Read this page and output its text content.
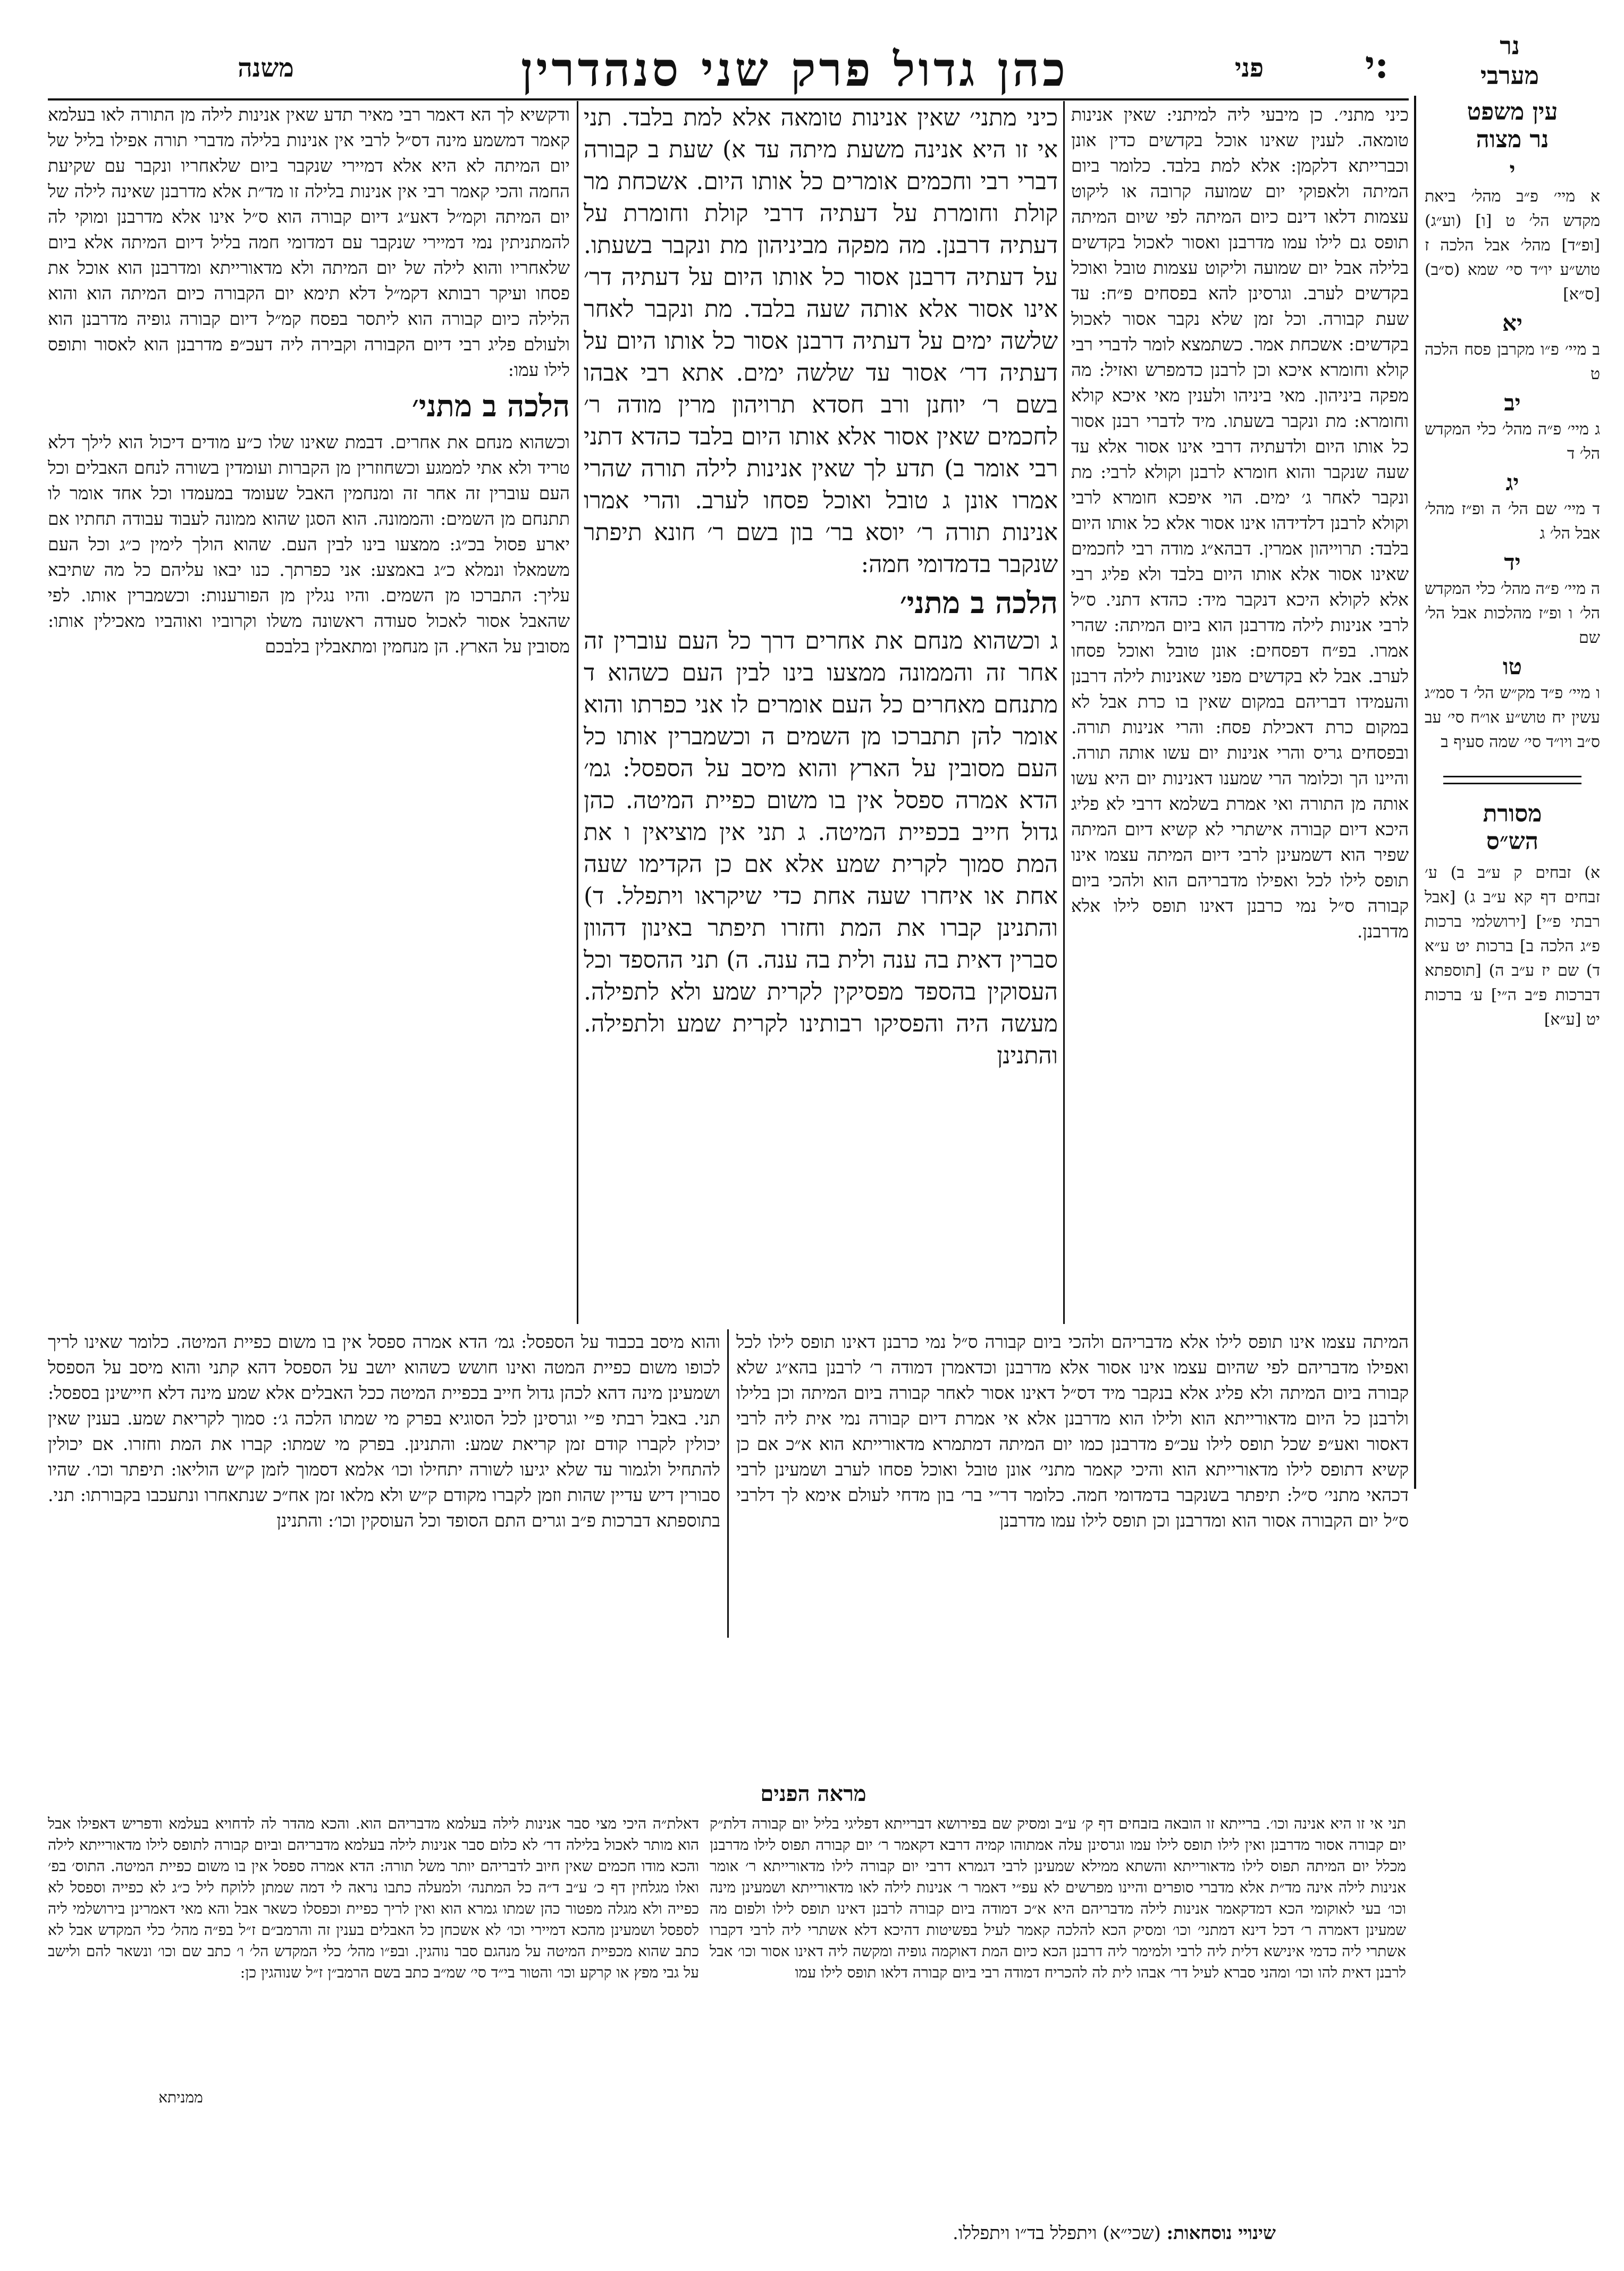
נר
מערבי
י:
פני
כהן גדול פרק שני סנהדרין
משנה
עין משפט
נר מצוה
י
א מיי׳ פ״ב מהל׳ ביאת מקדש הל׳ ט [ו] (וע״ג) [ופ״ד] מהל׳ אבל הלכה ז טוש״ע יו״ד סי׳ שמא (ס״ב) [ס״א]
יא
ב מיי׳ פ״ו מקרבן פסח הלכה ט
יב
ג מיי׳ פ״ה מהל׳ כלי המקדש הל׳ ד
יג
ד מיי׳ שם הל׳ ה ופ״ז מהל׳ אבל הל׳ ג
יד
ה מיי׳ פ״ה מהל׳ כלי המקדש הל׳ ו ופ״ז מהלכות אבל הל׳ שם
טו
ו מיי׳ פ״ד מק״ש הל׳ ד סמ״ג עשין יח טוש״ע או״ח סי׳ עב ס״ב ויו״ד סי׳ שמה סעיף ב
מסורת
הש״ס
א) זבחים ק ע״ב ב) ע׳ זבחים דף קא ע״ב ג) [אבל רבתי פ״י] [ירושלמי ברכות פ״ג הלכה ב] ברכות יט ע״א ד) שם יז ע״ב ה) [תוספתא דברכות פ״ב ה״י] ע׳ ברכות יט [ע״א]
כיני מתני׳. כן מיבעי ליה למיתני: שאין אנינות טומאה. לענין שאינו אוכל בקדשים כדין אונן וכברייתא דלקמן: אלא למת בלבד. כלומר ביום המיתה ולאפוקי יום שמועה קרובה או ליקוט עצמות דלאו דינם כיום המיתה לפי שיום המיתה תופס גם לילו עמו מדרבנן ואסור לאכול בקדשים בלילה אבל יום שמועה וליקוט עצמות טובל ואוכל בקדשים לערב. וגרסינן להא בפסחים פ״ח: עד שעת קבורה. וכל זמן שלא נקבר אסור לאכול בקדשים: אשכחת אמר. כשתמצא לומר לדברי רבי קולא וחומרא איכא וכן לרבנן כדמפרש ואזיל: מה מפקה ביניהון. מאי ביניהו ולענין מאי איכא קולא וחומרא: מת ונקבר בשעתו. מיד לדברי רבנן אסור כל אותו היום ולדעתיה דרבי אינו אסור אלא עד שעה שנקבר והוא חומרא לרבנן וקולא לרבי: מת ונקבר לאחר ג׳ ימים. הוי איפכא חומרא לרבי וקולא לרבנן דלדידהו אינו אסור אלא כל אותו היום בלבד: תרוייהון אמרין. דבהא״ג מודה רבי לחכמים שאינו אסור אלא אותו היום בלבד ולא פליג רבי אלא לקולא היכא דנקבר מיד: כהדא דתני. ס״ל לרבי אנינות לילה מדרבנן הוא ביום המיתה: שהרי אמרו. בפ״ח דפסחים: אונן טובל ואוכל פסחו לערב. אבל לא בקדשים מפני שאנינות לילה דרבנן והעמידו דבריהם במקום שאין בו כרת אבל לא במקום כרת דאכילת פסח: והרי אנינות תורה. ובפסחים גריס והרי אנינות יום עשו אותה תורה. והיינו הך וכלומר הרי שמענו דאנינות יום היא עשו אותה מן התורה ואי אמרת בשלמא דרבי לא פליג היכא דיום קבורה אישתרי לא קשיא דיום המיתה שפיר הוא דשמעינן לרבי דיום המיתה עצמו אינו תופס לילו לכל ואפילו מדבריהם הוא ולהכי ביום קבורה ס״ל נמי כרבנן דאינו תופס לילו אלא מדרבנן.

כיני מתני׳ שאין אנינות טומאה אלא למת בלבד. תני אי זו היא אנינה משעת מיתה עד א) שעת ב קבורה דברי רבי וחכמים אומרים כל אותו היום. אשכחת מר קולת וחומרת על דעתיה דרבי קולת וחומרת על דעתיה דרבנן. מה מפקה מביניהון מת ונקבר בשעתו. על דעתיה דרבנן אסור כל אותו היום על דעתיה דר׳ אינו אסור אלא אותה שעה בלבד. מת ונקבר לאחר שלשה ימים על דעתיה דרבנן אסור כל אותו היום על דעתיה דר׳ אסור עד שלשה ימים. אתא רבי אבהו בשם ר׳ יוחנן ורב חסדא תרויהון מרין מודה ר׳ לחכמים שאין אסור אלא אותו היום בלבד כהדא דתני רבי אומר ב) תדע לך שאין אנינות לילה תורה שהרי אמרו אונן ג טובל ואוכל פסחו לערב. והרי אמרו אנינות תורה ר׳ יוסא בר׳ בון בשם ר׳ חונא תיפתר שנקבר בדמדומי חמה:

הלכה ב מתני׳

ג וכשהוא מנחם את אחרים דרך כל העם עוברין זה אחר זה והממונה ממצעו בינו לבין העם כשהוא ד מתנחם מאחרים כל העם אומרים לו אני כפרתו והוא אומר להן תתברכו מן השמים ה וכשמברין אותו כל העם מסובין על הארץ והוא מיסב על הספסל: גמ׳ הדא אמרה ספסל אין בו משום כפיית המיטה. כהן גדול חייב בכפיית המיטה. ג תני אין מוציאין ו את המת סמוך לקרית שמע אלא אם כן הקדימו שעה אחת או איחרו שעה אחת כדי שיקראו ויתפלל. ד) והתנינן קברו את המת וחזרו תיפתר באינון דהוון סברין דאית בה ענה ולית בה ענה. ה) תני ההספד וכל העסוקין בהספד מפסיקין לקרית שמע ולא לתפילה. מעשה היה והפסיקו רבותינו לקרית שמע ולתפילה. והתנינן

ודקשיא לך הא דאמר רבי מאיר תדע שאין אנינות לילה מן התורה לאו בעלמא קאמר דמשמע מינה דס״ל לרבי אין אנינות בלילה מדברי תורה אפילו בליל של יום המיתה לא היא אלא דמיירי שנקבר ביום שלאחריו ונקבר עם שקיעת החמה והכי קאמר רבי אין אנינות בלילה זו מד״ת אלא מדרבנן שאינה לילה של יום המיתה וקמ״ל דאע״ג דיום קבורה הוא ס״ל אינו אלא מדרבנן ומוקי לה להמתניתין נמי דמיירי שנקבר עם דמדומי חמה בליל דיום המיתה אלא ביום שלאחריו והוא לילה של יום המיתה ולא מדאורייתא ומדרבנן הוא אוכל את פסחו ועיקר רבותא דקמ״ל דלא תימא יום הקבורה כיום המיתה הוא והוא הלילה כיום קבורה הוא ליתסר בפסח קמ״ל דיום קבורה גופיה מדרבנן הוא ולעולם פליג רבי דיום הקבורה וקבירה ליה דעכ״פ מדרבנן הוא לאסור ותופס לילו עמו:

הלכה ב מתני׳

וכשהוא מנחם את אחרים. דבמת שאינו שלו כ״ע מודים דיכול הוא לילך דלא טריד ולא אתי לממגע וכשחוזרין מן הקברות ועומדין בשורה לנחם האבלים וכל העם עוברין זה אחר זה ומנחמין האבל שעומד במעמדו וכל אחד אומר לו תתנחם מן השמים: והממונה. הוא הסגן שהוא ממונה לעבוד עבודה תחתיו אם יארע פסול בכ״ג: ממצעו בינו לבין העם. שהוא הולך לימין כ״ג וכל העם משמאלו ונמלא כ״ג באמצע: אני כפרתך. כנו יבאו עליהם כל מה שתיבא עליך: התברכו מן השמים. והיו נגלין מן הפורענות: וכשמברין אותו. לפי שהאבל אסור לאכול סעודה ראשונה משלו וקרוביו ואוהביו מאכילין אותו: מסובין על הארץ. הן מנחמין ומתאבלין בלבכם

המיתה עצמו אינו תופס לילו אלא מדבריהם ולהכי ביום קבורה ס״ל נמי כרבנן דאינו תופס לילו לכל ואפילו מדבריהם לפי שהיום עצמו אינו אסור אלא מדרבנן וכדאמרן דמודה ר׳ לרבנן בהא״ג שלא קבורה ביום המיתה ולא פליג אלא בנקבר מיד דס״ל דאינו אסור לאחר קבורה ביום המיתה וכן בלילו ולרבנן כל היום מדאורייתא הוא ולילו הוא מדרבנן אלא אי אמרת דיום קבורה נמי אית ליה לרבי דאסור ואע״פ שכל תופס לילו עכ״פ מדרבנן כמו יום המיתה דמתמרא מדאורייתא הוא א״כ אם כן קשיא דתופס לילו מדאורייתא הוא והיכי קאמר מתני׳ אונן טובל ואוכל פסחו לערב ושמעינן לרבי דכהאי מתני׳ ס״ל: תיפתר בשנקבר בדמדומי חמה. כלומר דר״י בר׳ בון מדחי לעולם אימא לך דלרבי ס״ל יום הקבורה אסור הוא ומדרבנן וכן תופס לילו עמו מדרבנן
והוא מיסב בכבוד על הספסל: גמ׳ הדא אמרה ספסל אין בו משום כפיית המיטה. כלומר שאינו לריך לכופו משום כפיית המטה ואינו חושש כשהוא יושב על הספסל דהא קתני והוא מיסב על הספסל ושמעינן מינה דהא לכהן גדול חייב בכפיית המיטה ככל האבלים אלא שמע מינה דלא חיישינן בספסל: תני. באבל רבתי פ״י וגרסינן לכל הסוגיא בפרק מי שמתו הלכה ג׳: סמוך לקריאת שמע. בענין שאין יכולין לקברו קודם זמן קריאת שמע: והתנינן. בפרק מי שמתו: קברו את המת וחזרו. אם יכולין להתחיל ולגמור עד שלא יגיעו לשורה יתחילו וכו׳ אלמא דסמוך לזמן ק״ש הוליאו: תיפתר וכו׳. שהיו סבורין דיש עדיין שהות וזמן לקברו מקודם ק״ש ולא מלאו זמן אח״כ שנתאחרו ונתעכבו בקבורתו: תני. בתוספתא דברכות פ״ב וגרים התם הסופד וכל העוסקין וכו׳: והתנינן
מראה הפנים
תני אי זו היא אנינה וכו׳. ברייתא זו הובאה בזבחים דף ק׳ ע״ב ומסיק שם בפירושא דברייתא דפליגי בליל יום קבורה דלת״ק יום קבורה אסור מדרבנן ואין לילו תופס לילו עמו וגרסינן עלה אמתוהו קמיה דרבא דקאמר ר׳ יום קבורה תפוס לילו מדרבנן מכלל יום המיתה תפוס לילו מדאורייתא והשתא ממילא שמעינן לרבי דגמרא דרבי יום קבורה לילו מדאורייתא ר׳ אומר אנינות לילה אינה מד״ת אלא מדברי סופרים והיינו מפרשים לא עפ״י דאמר ר׳ אנינות לילה לאו מדאורייתא ושמעינן מינה וכו׳ בעי לאוקומי הכא דמדקאמר אנינות לילה מדבריהם היא א״כ דמודה ביום קבורה לרבנן דאינו תופס לילו ולפום מה שמעינן דאמרה ר׳ דכל דינא דמתני׳ וכו׳ ומסיק הכא להלכה קאמר לעיל בפשיטות דהיכא דלא אשתרי ליה לרבי דקברו אשתרי ליה כדמי אינישא דלית ליה לרבי ולמימר ליה דרבנן הכא כיום המת דאוקמה גופיה ומקשה ליה דאינו אסור וכו׳ אבל לרבנן דאית להו וכו׳ ומהני סברא לעיל דר׳ אבהו לית לה להכריח דמודה רבי ביום קבורה דלאו תופס לילו עמו
דאלת״ה היכי מצי סבר אנינות לילה בעלמא מדבריהם הוא. והכא מהדר לה לדחויא בעלמא ודפריש דאפילו אבל הוא מותר לאכול בלילה דר׳ לא כלום סבר אנינות לילה בעלמא מדבריהם וביום קבורה לתופס לילו מדאורייתא לילה והכא מודו חכמים שאין חיוב לדבריהם יותר משל תורה: הדא אמרה ספסל אין בו משום כפיית המיטה. התוס׳ בפ׳ ואלו מגלחין דף כ׳ ע״ב ד״ה כל המתנה׳ ולמעלה כתבו נראה לי דמה שמתן ללוקח ליל כ״ג לא כפייה וספסל לא כפייה ולא מגלה מפטור כהן שמתו גמרא הוא ואין לריך כפיית וכפסלו כשאר אבל והא מאי דאמרינן בירושלמי ליה לספסל ושמעינן מהכא דמיירי וכו׳ לא אשכחן כל האבלים בענין זה והרמב״ם ז״ל בפ״ה מהל׳ כלי המקדש אבל לא כתב שהוא מכפיית המיטה על מנהגם סבר נוהגין. ובפ״ו מהל׳ כלי המקדש הל׳ ו׳ כתב שם וכו׳ ונשאר להם ולישב על גבי מפץ או קרקע וכו׳ והטור בי״ד סי׳ שמ״ב כתב בשם הרמב״ן ז״ל שנוהגין כן:
ממניתא
שינויי נוסחאות: (שכי״א) ויתפלל בד״ו ויתפללו.
